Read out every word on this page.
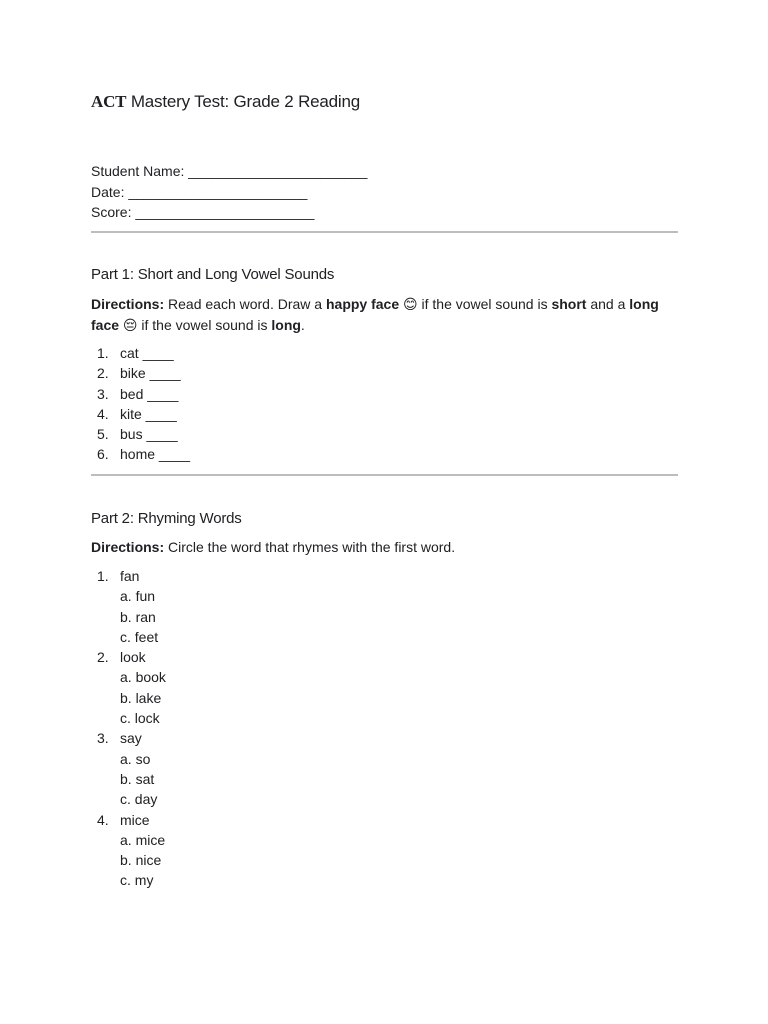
ACT Mastery Test: Grade 2 Reading
Student Name: _______________________
Date: _______________________
Score: _______________________
Part 1: Short and Long Vowel Sounds
Directions: Read each word. Draw a happy face 😊 if the vowel sound is short and a long face 😔 if the vowel sound is long.
1. cat ____
2. bike ____
3. bed ____
4. kite ____
5. bus ____
6. home ____
Part 2: Rhyming Words
Directions: Circle the word that rhymes with the first word.
1. fan
a. fun
b. ran
c. feet
2. look
a. book
b. lake
c. lock
3. say
a. so
b. sat
c. day
4. mice
a. mice
b. nice
c. my
